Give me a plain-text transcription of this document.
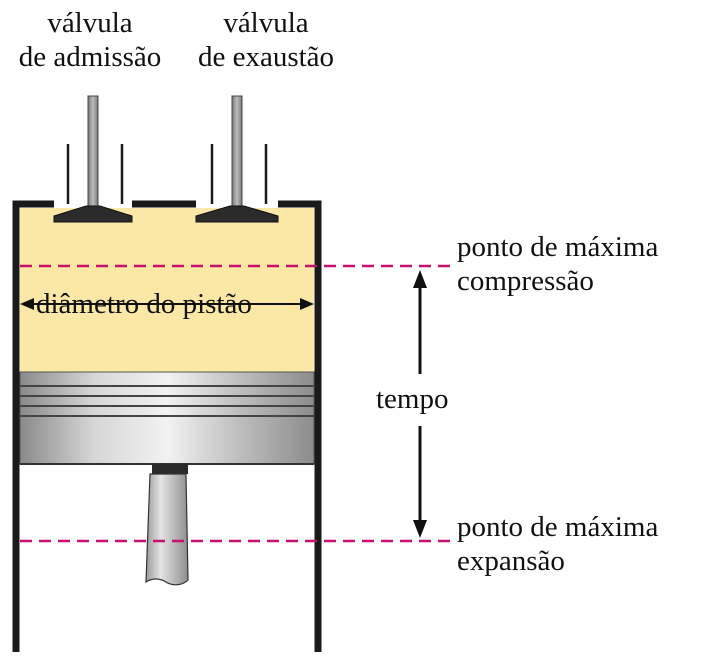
válvula
de admissão
válvula
de exaustão
ponto de máxima
compressão
ponto de máxima
expansão
tempo
diâmetro do pistão
